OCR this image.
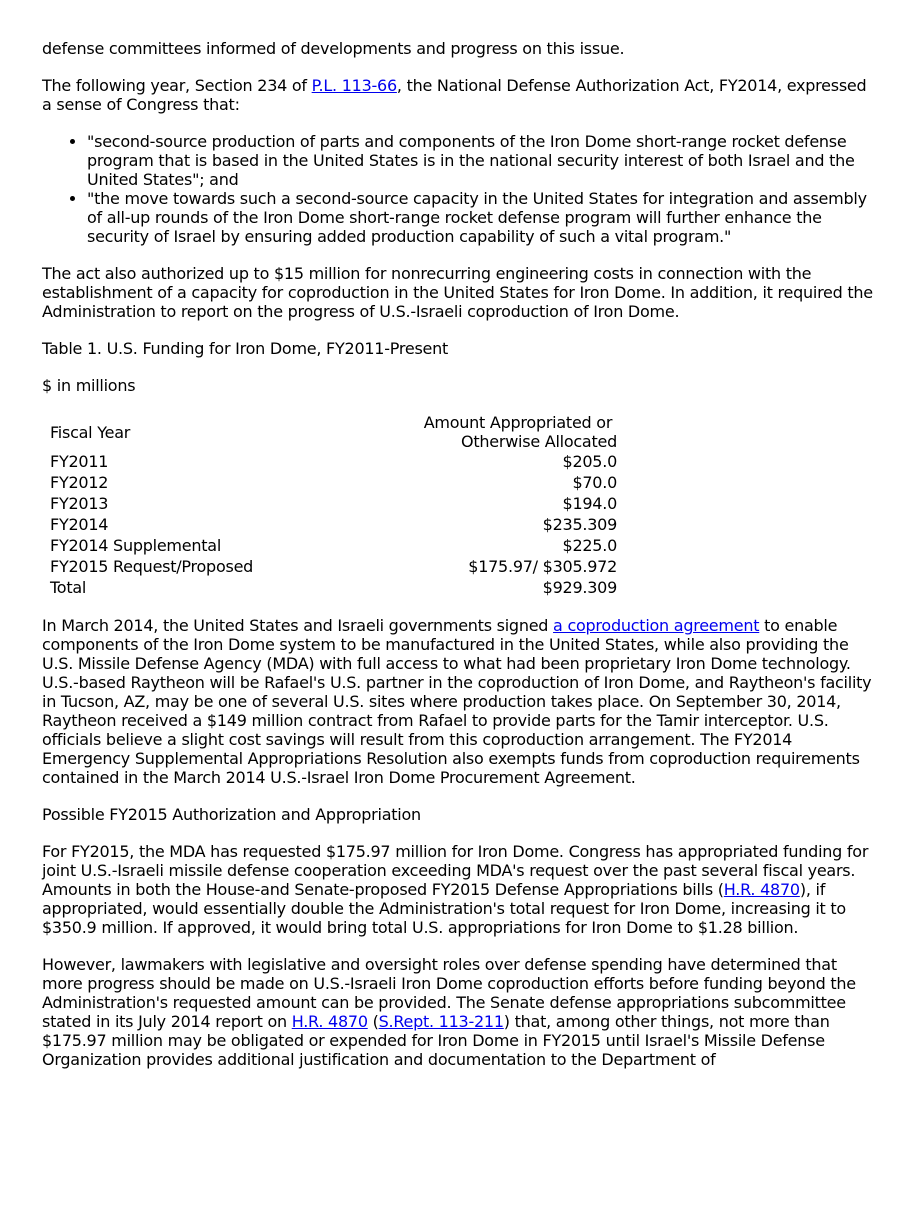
defense committees informed of developments and progress on this issue.

The following year, Section 234 of P.L. 113-66, the National Defense Authorization Act, FY2014, expressed a sense of Congress that:

• "second-source production of parts and components of the Iron Dome short-range rocket defense program that is based in the United States is in the national security interest of both Israel and the United States"; and
• "the move towards such a second-source capacity in the United States for integration and assembly of all-up rounds of the Iron Dome short-range rocket defense program will further enhance the security of Israel by ensuring added production capability of such a vital program."

The act also authorized up to $15 million for nonrecurring engineering costs in connection with the establishment of a capacity for coproduction in the United States for Iron Dome. In addition, it required the Administration to report on the progress of U.S.-Israeli coproduction of Iron Dome.

Table 1. U.S. Funding for Iron Dome, FY2011-Present

$ in millions

Fiscal Year	Amount Appropriated or
Otherwise Allocated
FY2011	$205.0
FY2012	$70.0
FY2013	$194.0
FY2014	$235.309
FY2014 Supplemental	$225.0
FY2015 Request/Proposed	$175.97/ $305.972
Total	$929.309

In March 2014, the United States and Israeli governments signed a coproduction agreement to enable components of the Iron Dome system to be manufactured in the United States, while also providing the U.S. Missile Defense Agency (MDA) with full access to what had been proprietary Iron Dome technology. U.S.-based Raytheon will be Rafael's U.S. partner in the coproduction of Iron Dome, and Raytheon's facility in Tucson, AZ, may be one of several U.S. sites where production takes place. On September 30, 2014, Raytheon received a $149 million contract from Rafael to provide parts for the Tamir interceptor. U.S. officials believe a slight cost savings will result from this coproduction arrangement. The FY2014 Emergency Supplemental Appropriations Resolution also exempts funds from coproduction requirements contained in the March 2014 U.S.-Israel Iron Dome Procurement Agreement.

Possible FY2015 Authorization and Appropriation

For FY2015, the MDA has requested $175.97 million for Iron Dome. Congress has appropriated funding for joint U.S.-Israeli missile defense cooperation exceeding MDA's request over the past several fiscal years. Amounts in both the House-and Senate-proposed FY2015 Defense Appropriations bills (H.R. 4870), if appropriated, would essentially double the Administration's total request for Iron Dome, increasing it to $350.9 million. If approved, it would bring total U.S. appropriations for Iron Dome to $1.28 billion.

However, lawmakers with legislative and oversight roles over defense spending have determined that more progress should be made on U.S.-Israeli Iron Dome coproduction efforts before funding beyond the Administration's requested amount can be provided. The Senate defense appropriations subcommittee stated in its July 2014 report on H.R. 4870 (S.Rept. 113-211) that, among other things, not more than $175.97 million may be obligated or expended for Iron Dome in FY2015 until Israel's Missile Defense Organization provides additional justification and documentation to the Department of
